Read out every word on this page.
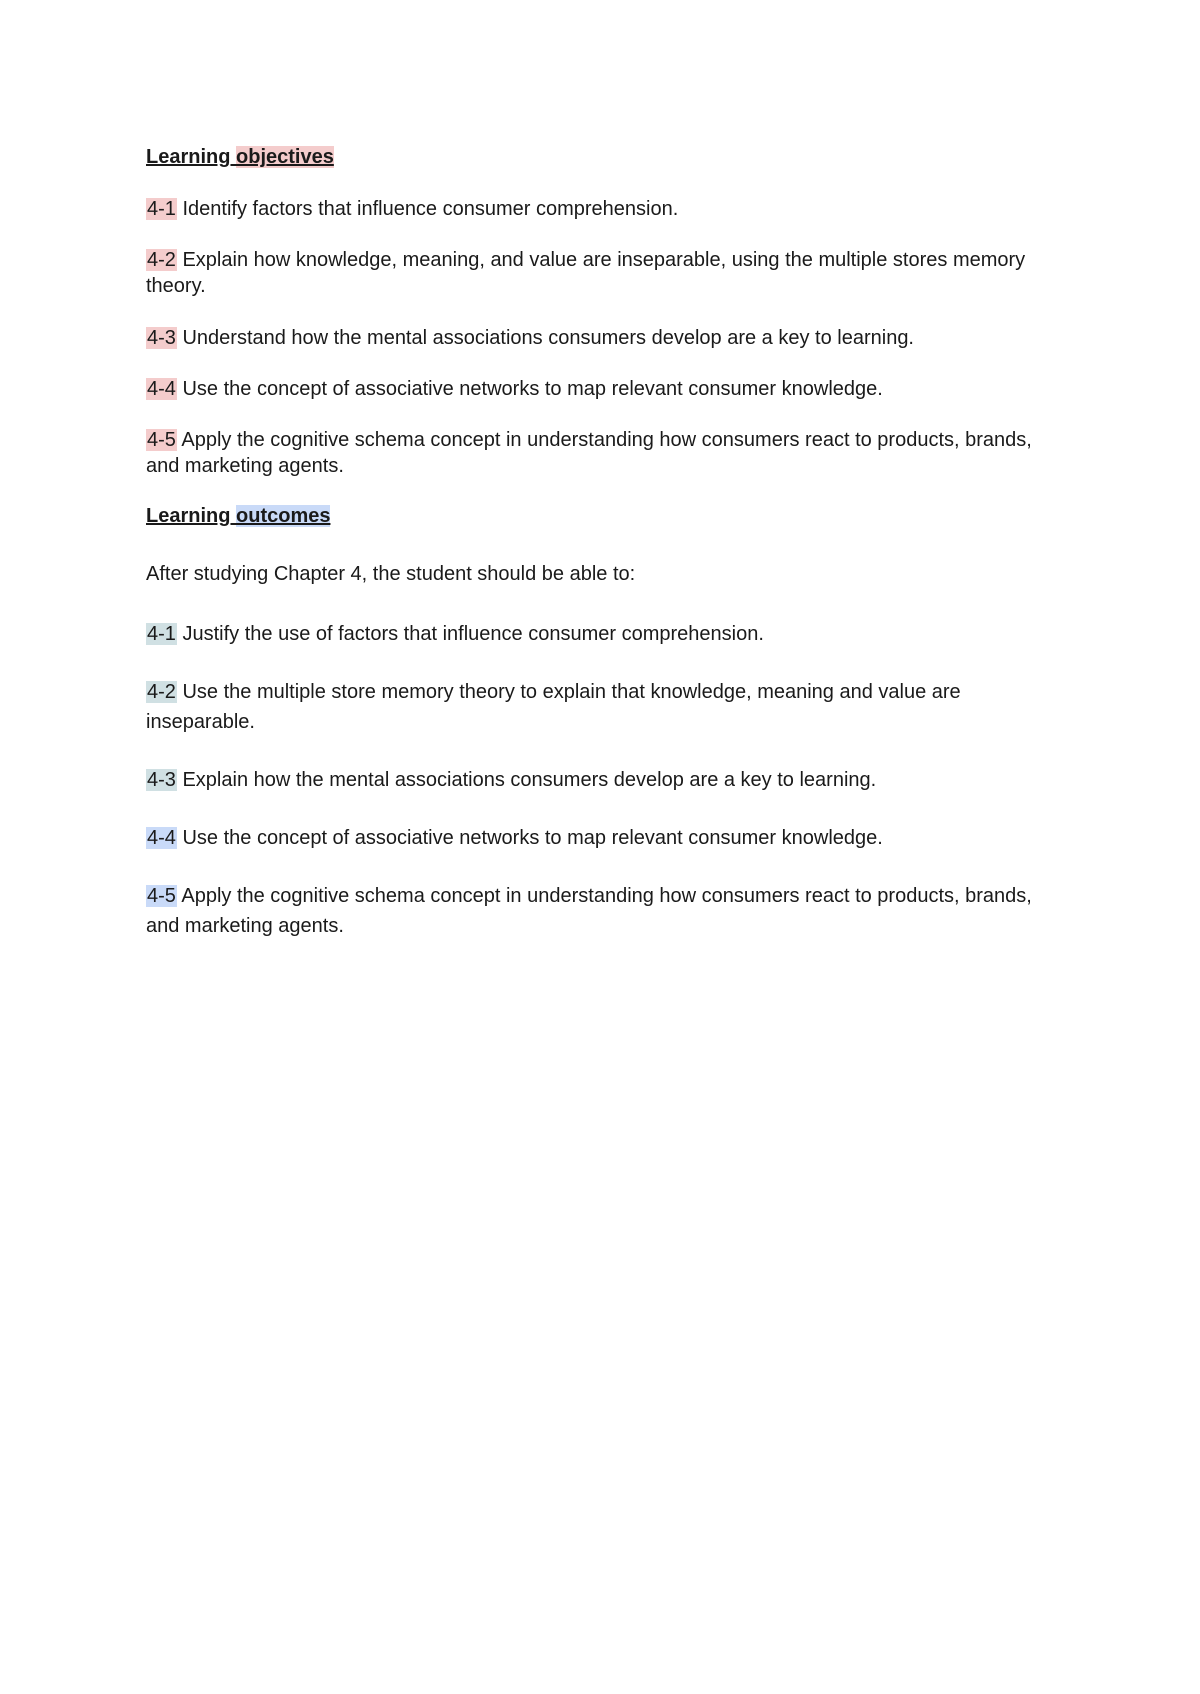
Learning objectives
4-1 Identify factors that influence consumer comprehension.
4-2 Explain how knowledge, meaning, and value are inseparable, using the multiple stores memory theory.
4-3 Understand how the mental associations consumers develop are a key to learning.
4-4 Use the concept of associative networks to map relevant consumer knowledge.
4-5 Apply the cognitive schema concept in understanding how consumers react to products, brands, and marketing agents.
Learning outcomes
After studying Chapter 4, the student should be able to:
4-1 Justify the use of factors that influence consumer comprehension.
4-2 Use the multiple store memory theory to explain that knowledge, meaning and value are inseparable.
4-3 Explain how the mental associations consumers develop are a key to learning.
4-4 Use the concept of associative networks to map relevant consumer knowledge.
4-5 Apply the cognitive schema concept in understanding how consumers react to products, brands, and marketing agents.
